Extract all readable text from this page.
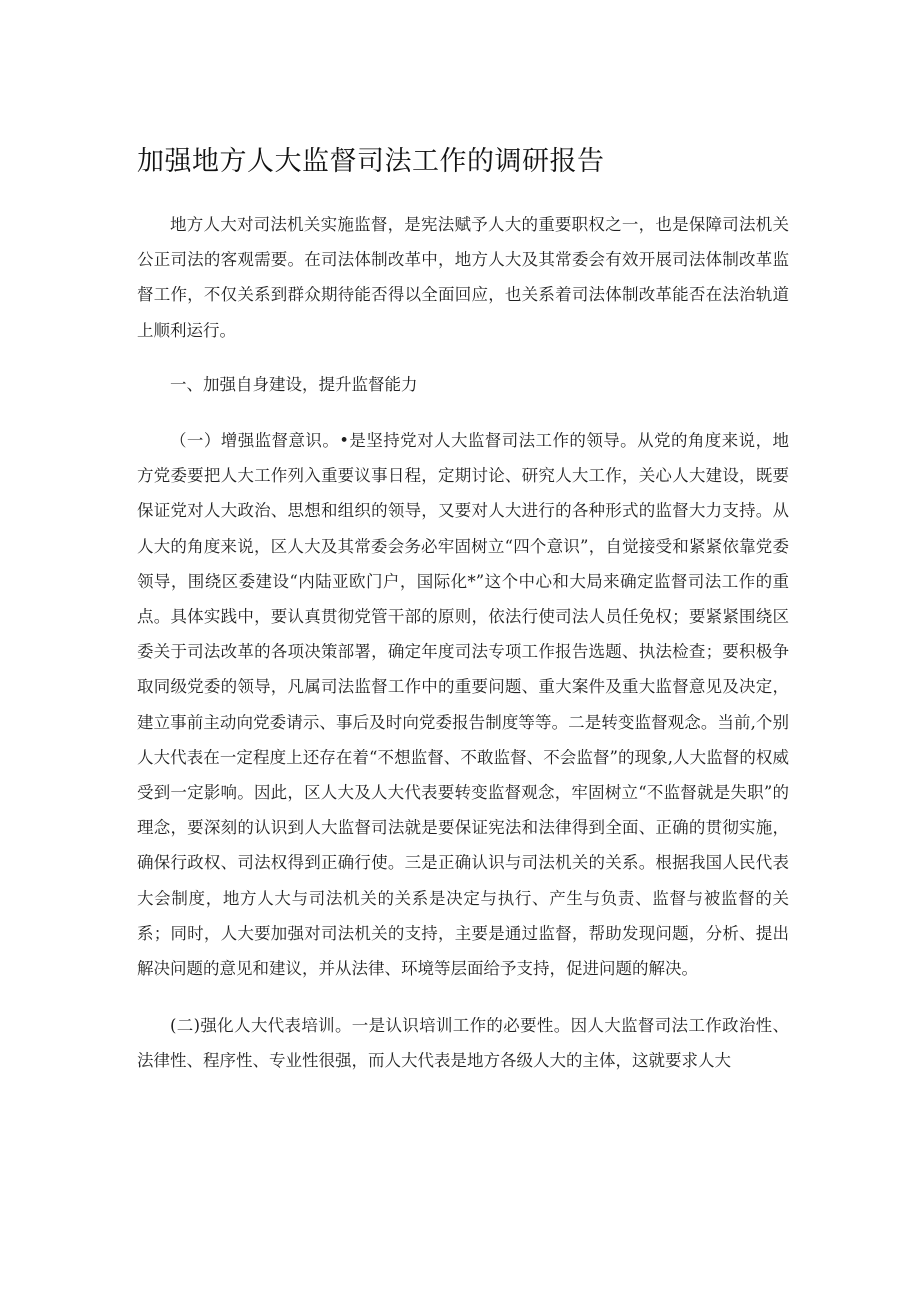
加强地方人大监督司法工作的调研报告

地方人大对司法机关实施监督，是宪法赋予人大的重要职权之一，也是保障司法机关公正司法的客观需要。在司法体制改革中，地方人大及其常委会有效开展司法体制改革监督工作，不仅关系到群众期待能否得以全面回应，也关系着司法体制改革能否在法治轨道上顺利运行。

一、加强自身建设，提升监督能力

（一）增强监督意识。•是坚持党对人大监督司法工作的领导。从党的角度来说，地方党委要把人大工作列入重要议事日程，定期讨论、研究人大工作，关心人大建设，既要保证党对人大政治、思想和组织的领导，又要对人大进行的各种形式的监督大力支持。从人大的角度来说，区人大及其常委会务必牢固树立“四个意识”，自觉接受和紧紧依靠党委领导，围绕区委建设“内陆亚欧门户，国际化*”这个中心和大局来确定监督司法工作的重点。具体实践中，要认真贯彻党管干部的原则，依法行使司法人员任免权；要紧紧围绕区委关于司法改革的各项决策部署，确定年度司法专项工作报告选题、执法检查；要积极争取同级党委的领导，凡属司法监督工作中的重要问题、重大案件及重大监督意见及决定，建立事前主动向党委请示、事后及时向党委报告制度等等。二是转变监督观念。当前,个别人大代表在一定程度上还存在着“不想监督、不敢监督、不会监督”的现象,人大监督的权威受到一定影响。因此，区人大及人大代表要转变监督观念，牢固树立“不监督就是失职”的理念，要深刻的认识到人大监督司法就是要保证宪法和法律得到全面、正确的贯彻实施，确保行政权、司法权得到正确行使。三是正确认识与司法机关的关系。根据我国人民代表大会制度，地方人大与司法机关的关系是决定与执行、产生与负责、监督与被监督的关系；同时，人大要加强对司法机关的支持，主要是通过监督，帮助发现问题，分析、提出解决问题的意见和建议，并从法律、环境等层面给予支持，促进问题的解决。

(二)强化人大代表培训。一是认识培训工作的必要性。因人大监督司法工作政治性、法律性、程序性、专业性很强，而人大代表是地方各级人大的主体，这就要求人大
